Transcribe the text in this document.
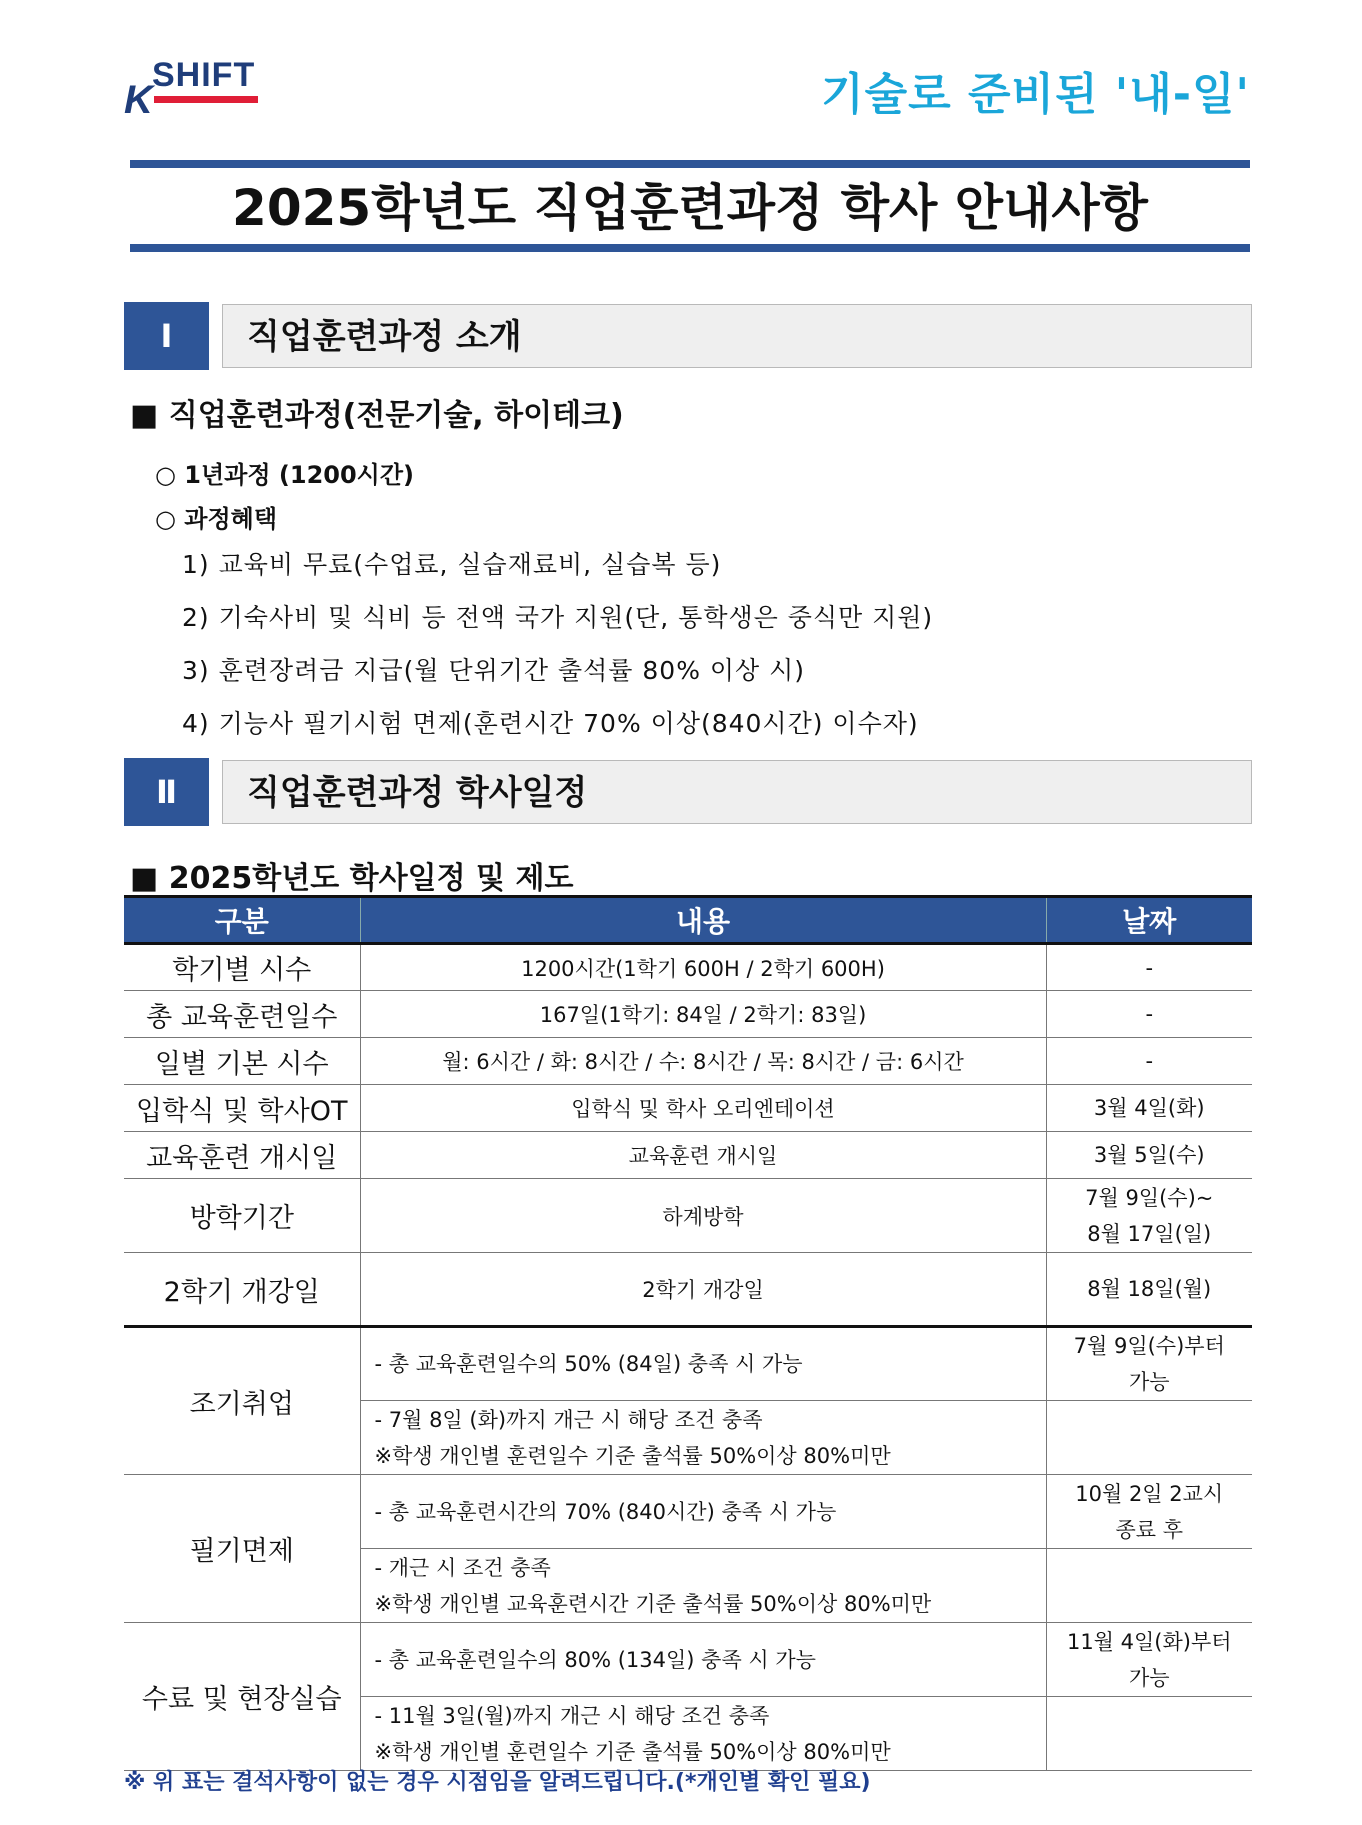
SHIFT
K	기술로 준비된 '내-일'
2025학년도 직업훈련과정 학사 안내사항
Ⅰ	직업훈련과정 소개
■ 직업훈련과정(전문기술, 하이테크)
○ 1년과정 (1200시간)
○ 과정혜택
1) 교육비 무료(수업료, 실습재료비, 실습복 등)
2) 기숙사비 및 식비 등 전액 국가 지원(단, 통학생은 중식만 지원)
3) 훈련장려금 지급(월 단위기간 출석률 80% 이상 시)
4) 기능사 필기시험 면제(훈련시간 70% 이상(840시간) 이수자)
Ⅱ	직업훈련과정 학사일정
■ 2025학년도 학사일정 및 제도
구분	내용	날짜
학기별 시수	1200시간(1학기 600H / 2학기 600H)	-
총 교육훈련일수	167일(1학기: 84일 / 2학기: 83일)	-
일별 기본 시수	월: 6시간 / 화: 8시간 / 수: 8시간 / 목: 8시간 / 금: 6시간	-
입학식 및 학사OT	입학식 및 학사 오리엔테이션	3월 4일(화)
교육훈련 개시일	교육훈련 개시일	3월 5일(수)
방학기간	하계방학	7월 9일(수)~
8월 17일(일)

2학기 개강일	2학기 개강일	8월 18일(월)
조기취업	- 총 교육훈련일수의 50% (84일) 충족 시 가능	7월 9일(수)부터
가능

	- 7월 8일 (화)까지 개근 시 해당 조건 충족
※학생 개인별 훈련일수 기준 출석률 50%이상 80%미만	

필기면제	- 총 교육훈련시간의 70% (840시간) 충족 시 가능	10월 2일 2교시
종료 후

	- 개근 시 조건 충족
※학생 개인별 교육훈련시간 기준 출석률 50%이상 80%미만	

수료 및 현장실습	- 총 교육훈련일수의 80% (134일) 충족 시 가능	11월 4일(화)부터
가능

	- 11월 3일(월)까지 개근 시 해당 조건 충족
※학생 개인별 훈련일수 기준 출석률 50%이상 80%미만	

※ 위 표는 결석사항이 없는 경우 시점임을 알려드립니다.(*개인별 확인 필요)
